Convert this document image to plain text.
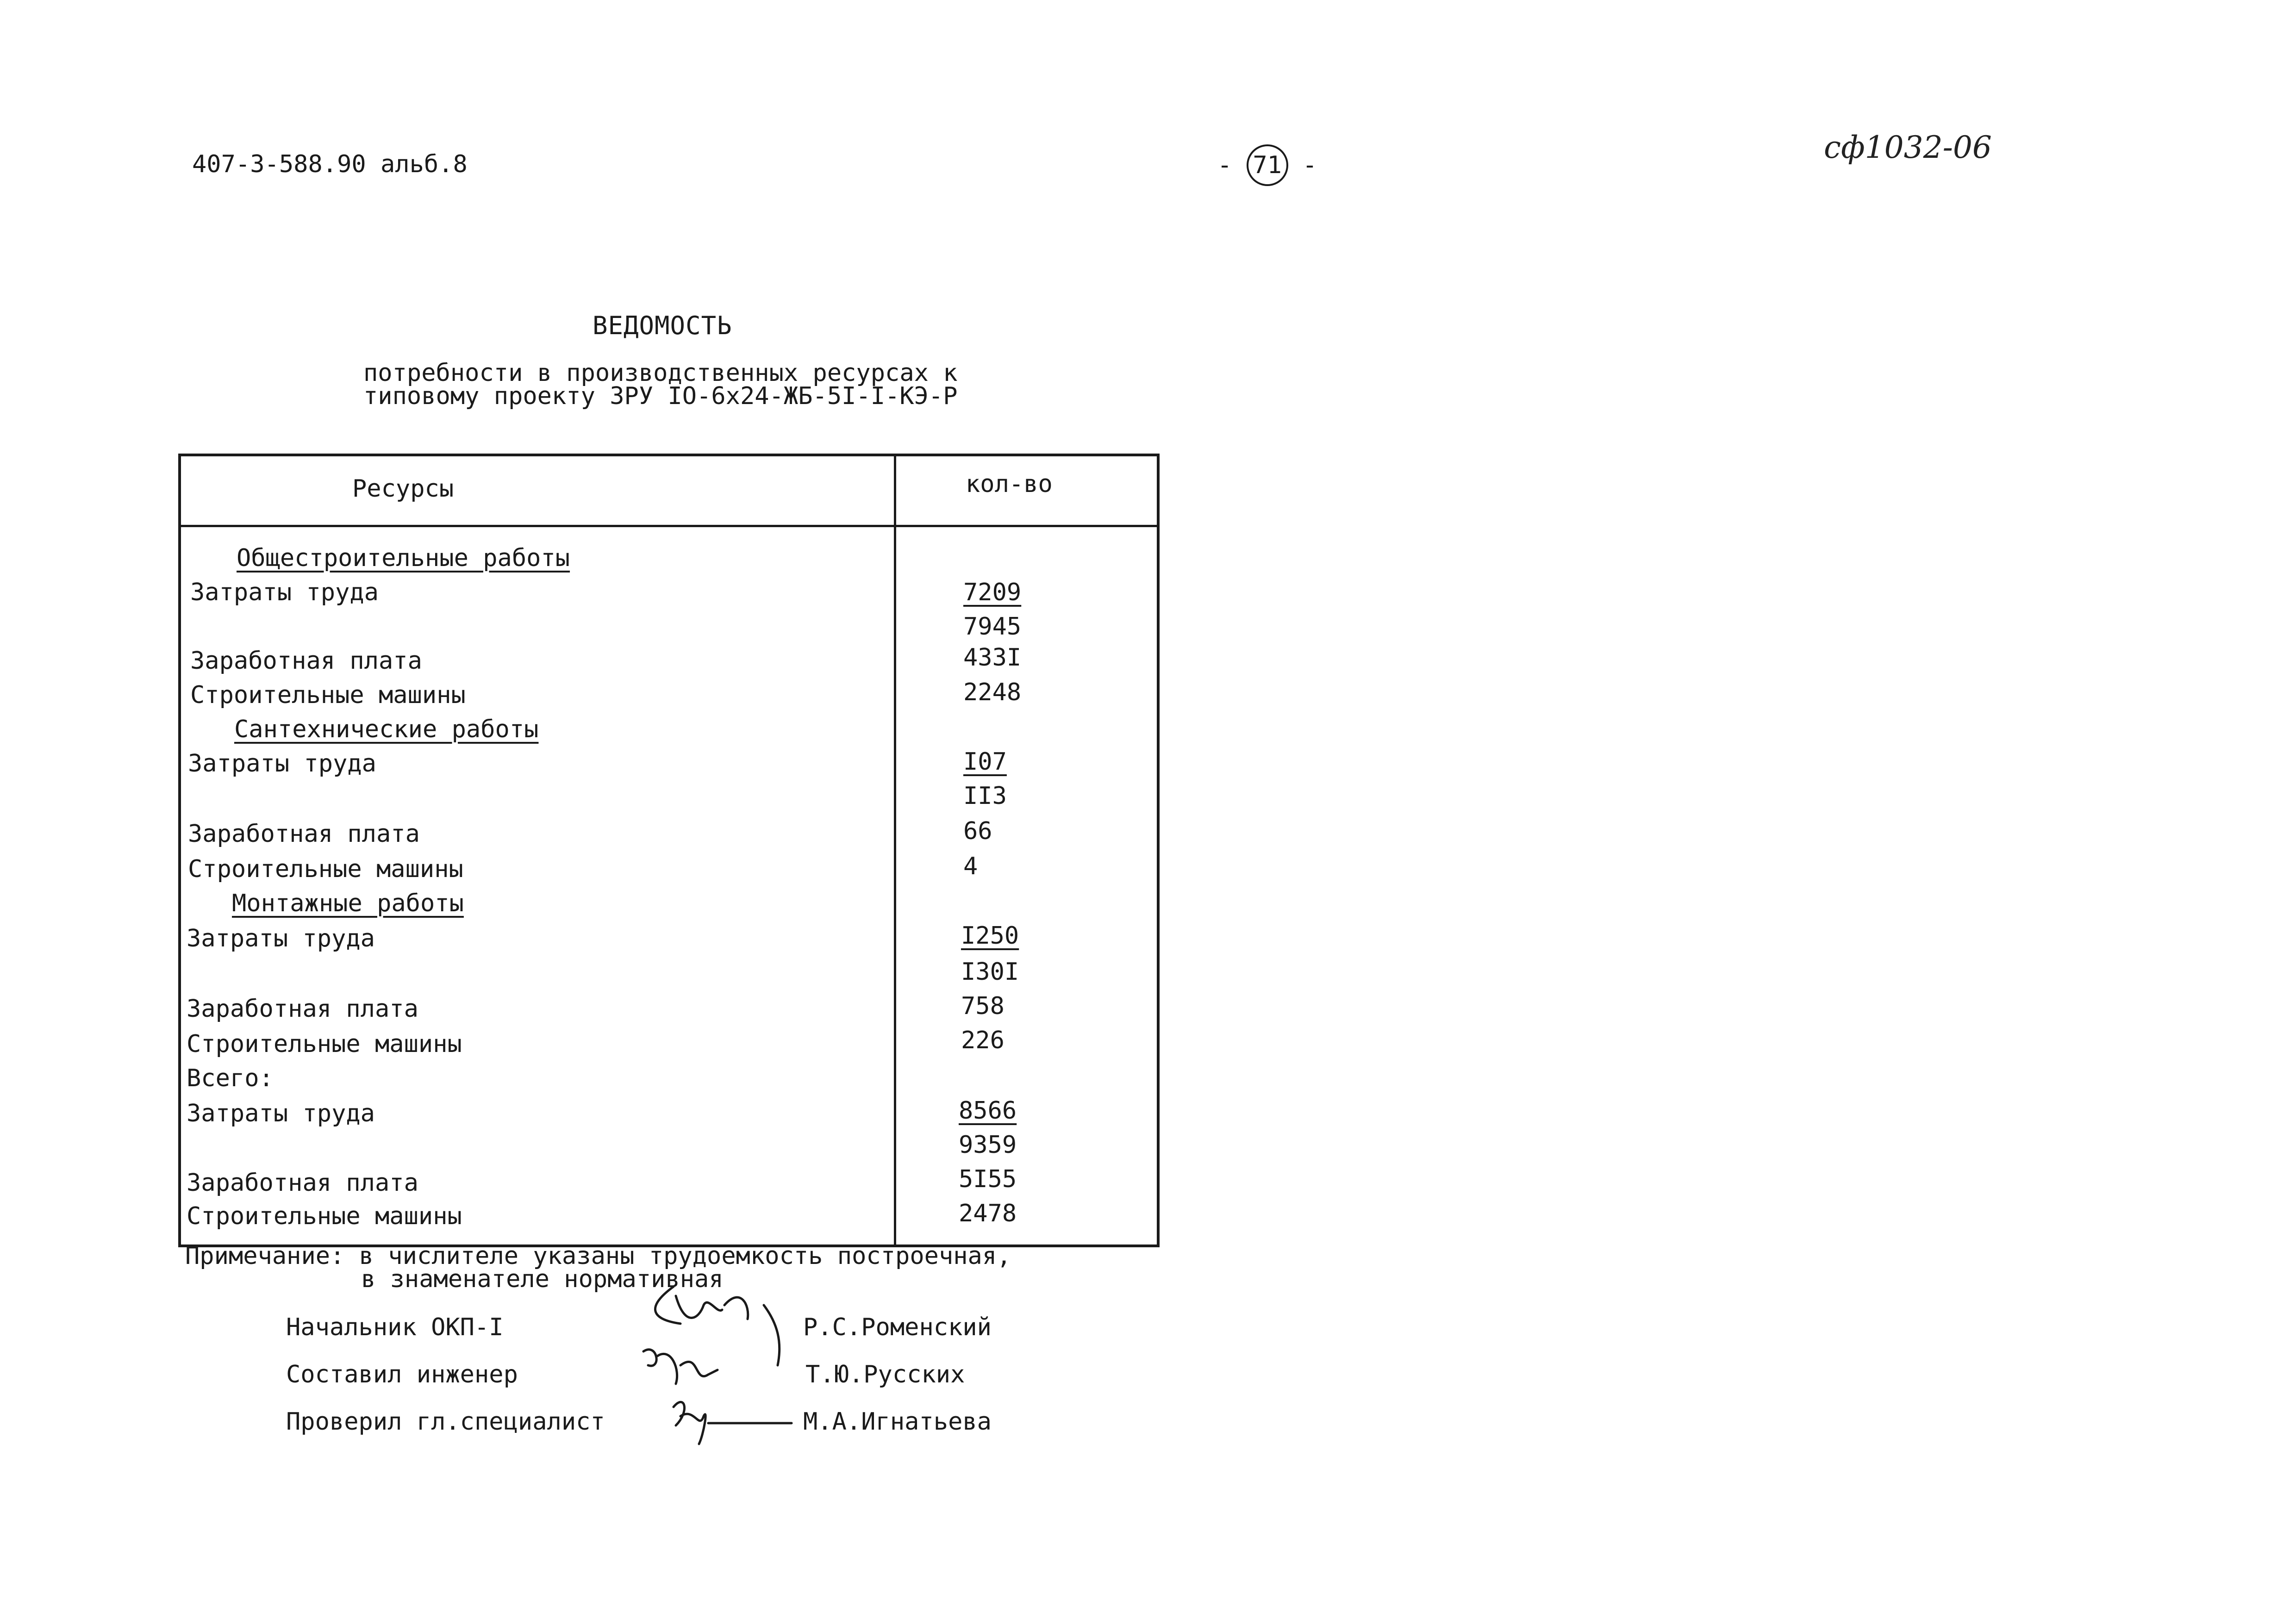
407-3-588.90 альб.8	- 71 -	сф1032-06
ВЕДОМОСТЬ
потребности в производственных ресурсах к
типовому проекту ЗРУ IO-6x24-ЖБ-5I-I-КЭ-Р
Ресурсы	кол-во
Общестроительные работы
Затраты труда	7209
7945
Заработная плата	433I
Строительные машины	2248
Сантехнические работы
Затраты труда	I07
II3
Заработная плата	66
Строительные машины	4
Монтажные работы
Затраты труда	I250
I30I
Заработная плата	758
Строительные машины	226
Всего:
Затраты труда	8566
9359
Заработная плата	5I55
Строительные машины	2478
Примечание: в числителе указаны трудоемкость построечная,
в знаменателе нормативная
Начальник ОКП-I	Р.С.Роменский
Составил инженер	Т.Ю.Русских
Проверил гл.специалист	М.А.Игнатьева
